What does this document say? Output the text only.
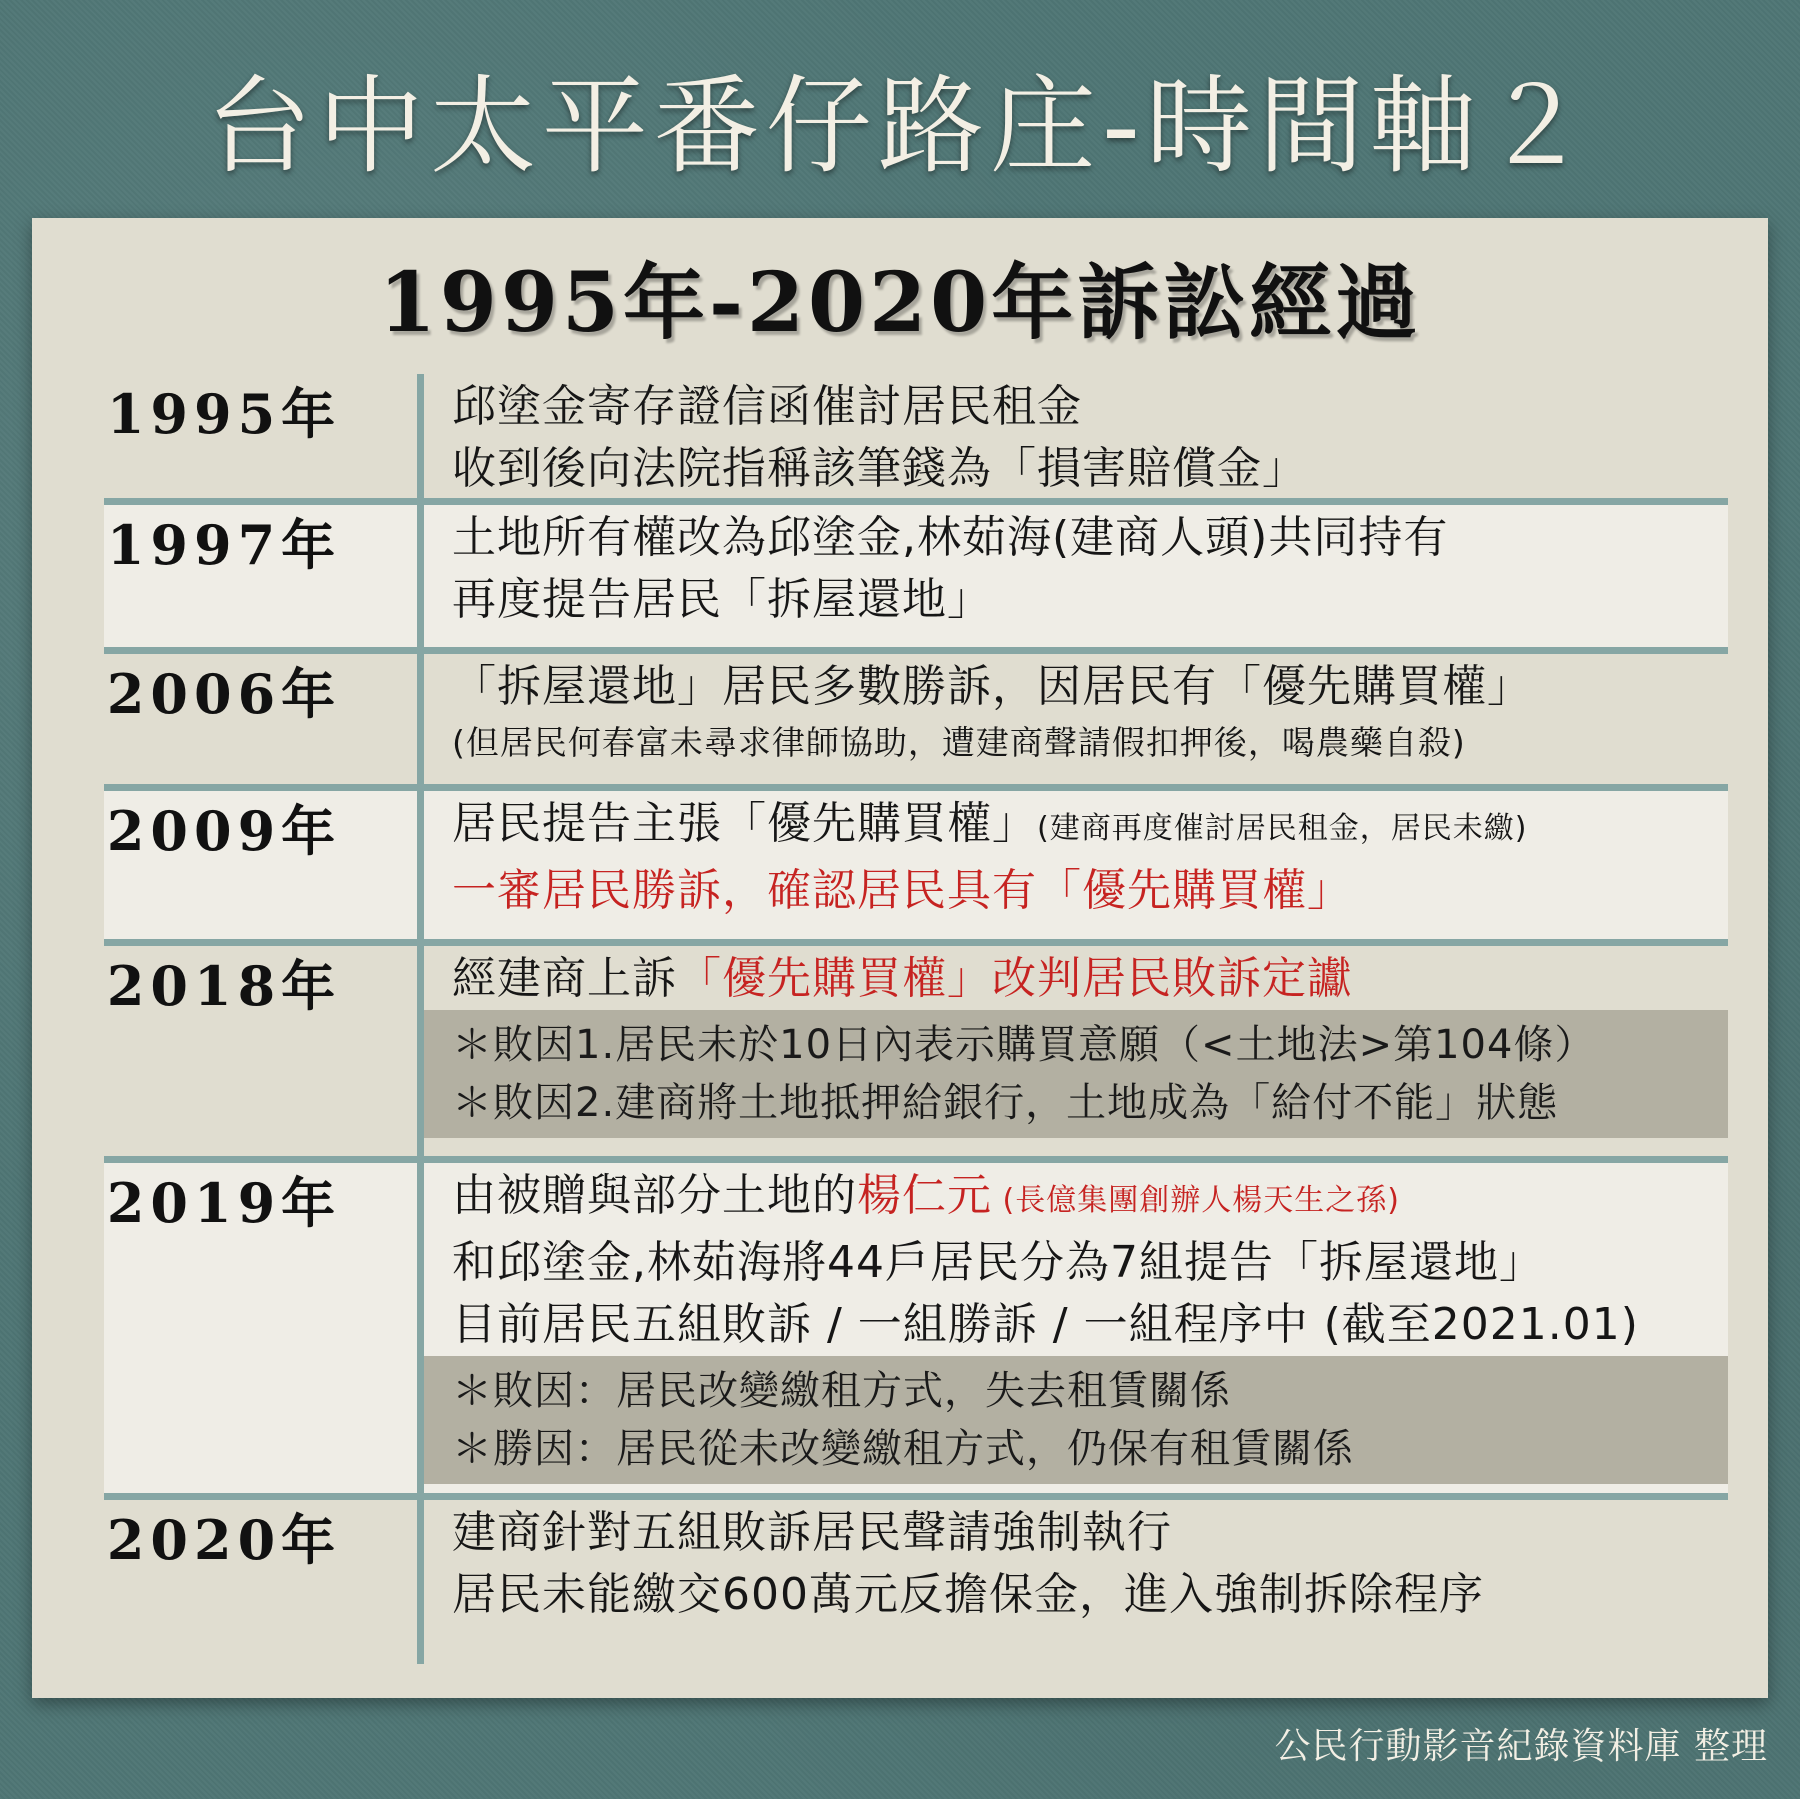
台中太平番仔路庄-時間軸２
1995年-2020年訴訟經過
1995年	邱塗金寄存證信函催討居民租金
收到後向法院指稱該筆錢為「損害賠償金」
1997年	土地所有權改為邱塗金,林茹海(建商人頭)共同持有
再度提告居民「拆屋還地」
2006年	「拆屋還地」居民多數勝訴，因居民有「優先購買權」
(但居民何春富未尋求律師協助，遭建商聲請假扣押後，喝農藥自殺)
2009年	居民提告主張「優先購買權」(建商再度催討居民租金，居民未繳)
一審居民勝訴，確認居民具有「優先購買權」
2018年	經建商上訴「優先購買權」改判居民敗訴定讞
＊敗因1.居民未於10日內表示購買意願（<土地法>第104條）
＊敗因2.建商將土地抵押給銀行，土地成為「給付不能」狀態
2019年	由被贈與部分土地的楊仁元 (長億集團創辦人楊天生之孫)
和邱塗金,林茹海將44戶居民分為7組提告「拆屋還地」
目前居民五組敗訴 / 一組勝訴 / 一組程序中 (截至2021.01)
＊敗因：居民改變繳租方式，失去租賃關係
＊勝因：居民從未改變繳租方式，仍保有租賃關係
2020年	建商針對五組敗訴居民聲請強制執行
居民未能繳交600萬元反擔保金，進入強制拆除程序
公民行動影音紀錄資料庫 整理
